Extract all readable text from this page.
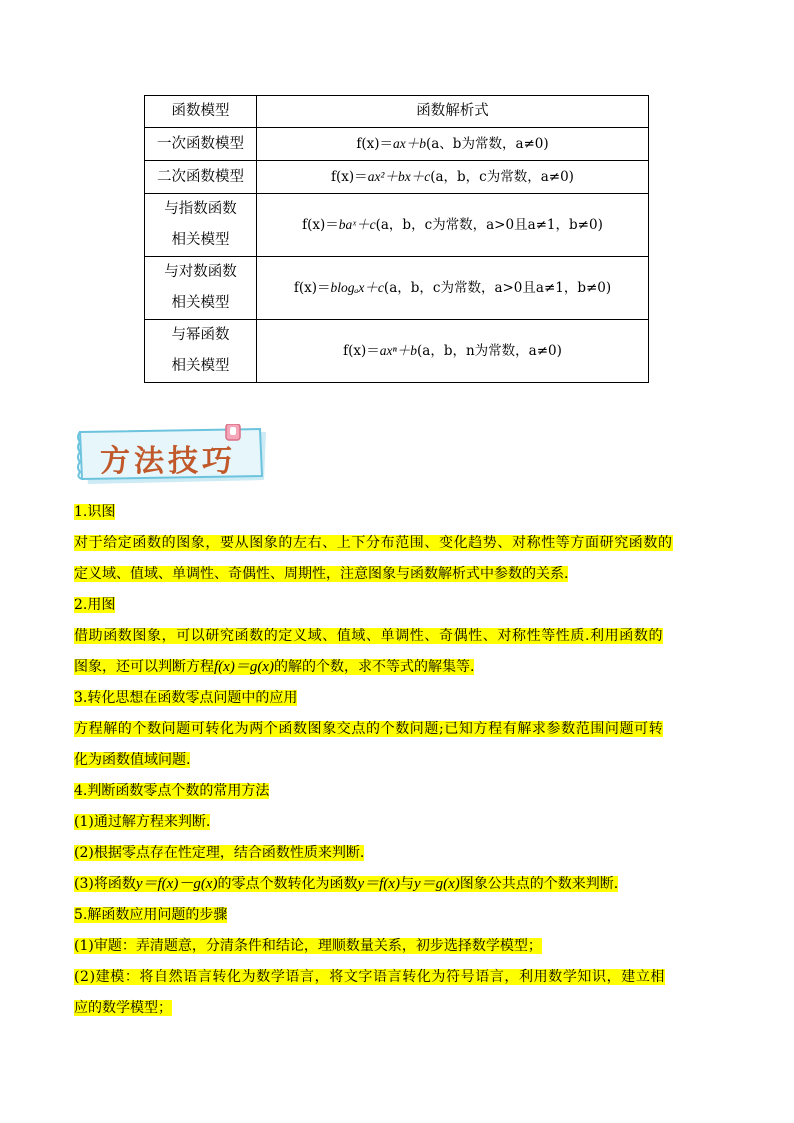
函数模型	函数解析式
一次函数模型	f(x)＝ax＋b(a、b为常数，a≠0)
二次函数模型	f(x)＝ax²＋bx＋c(a，b，c为常数，a≠0)
与指数函数
相关模型	f(x)＝baˣ＋c(a，b，c为常数，a>0且a≠1，b≠0)
与对数函数
相关模型	f(x)＝blogₐx＋c(a，b，c为常数，a>0且a≠1，b≠0)
与幂函数
相关模型	f(x)＝axⁿ＋b(a，b，n为常数，a≠0)
方法技巧
1.识图
对于给定函数的图象，要从图象的左右、上下分布范围、变化趋势、对称性等方面研究函数的
定义域、值域、单调性、奇偶性、周期性，注意图象与函数解析式中参数的关系.
2.用图
借助函数图象，可以研究函数的定义域、值域、单调性、奇偶性、对称性等性质.利用函数的
图象，还可以判断方程f(x)＝g(x)的解的个数，求不等式的解集等.
3.转化思想在函数零点问题中的应用
方程解的个数问题可转化为两个函数图象交点的个数问题;已知方程有解求参数范围问题可转
化为函数值域问题.
4.判断函数零点个数的常用方法
(1)通过解方程来判断.
(2)根据零点存在性定理，结合函数性质来判断.
(3)将函数y＝f(x)－g(x)的零点个数转化为函数y＝f(x)与y＝g(x)图象公共点的个数来判断.
5.解函数应用问题的步骤
(1)审题：弄清题意，分清条件和结论，理顺数量关系，初步选择数学模型；
(2)建模：将自然语言转化为数学语言，将文字语言转化为符号语言，利用数学知识，建立相
应的数学模型；
